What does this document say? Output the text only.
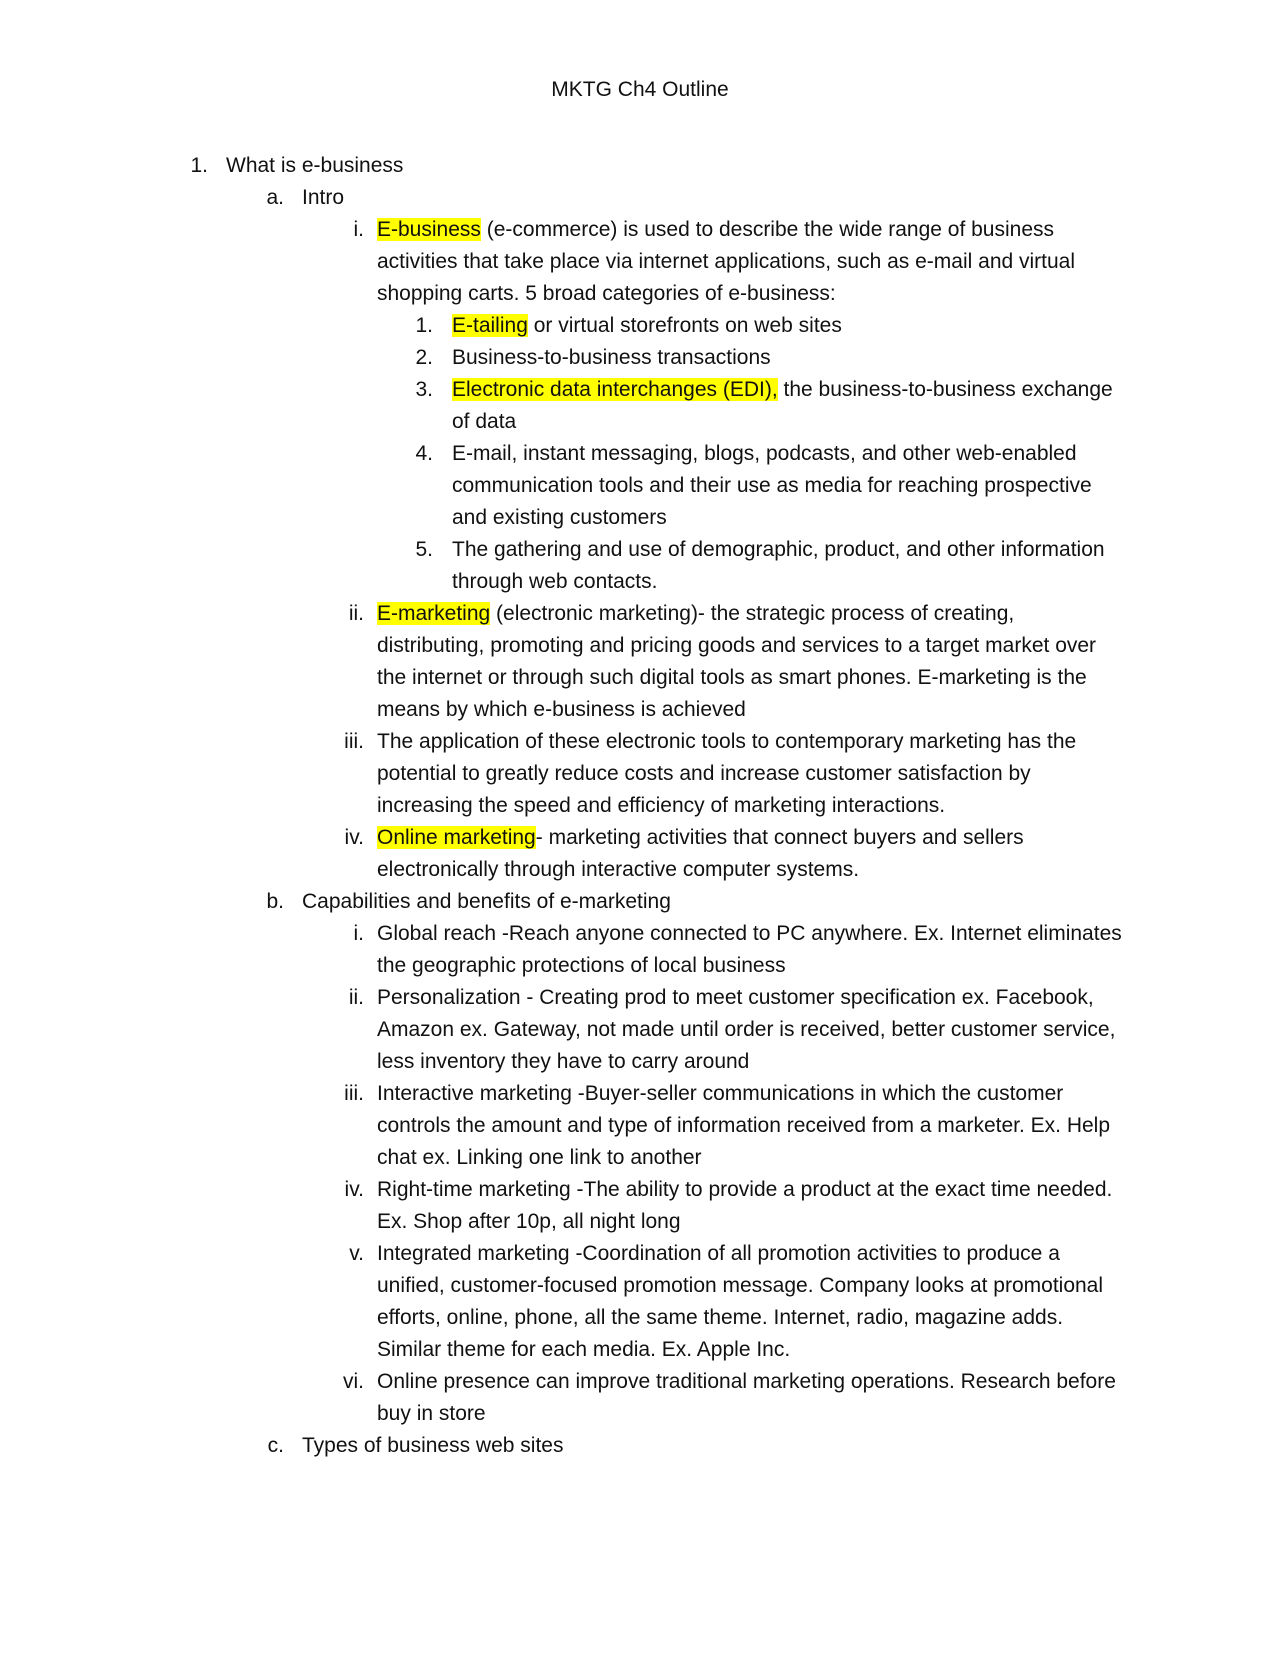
MKTG Ch4 Outline
1. What is e-business
a. Intro
i. E-business (e-commerce) is used to describe the wide range of business activities that take place via internet applications, such as e-mail and virtual shopping carts. 5 broad categories of e-business:
1. E-tailing or virtual storefronts on web sites
2. Business-to-business transactions
3. Electronic data interchanges (EDI), the business-to-business exchange of data
4. E-mail, instant messaging, blogs, podcasts, and other web-enabled communication tools and their use as media for reaching prospective and existing customers
5. The gathering and use of demographic, product, and other information through web contacts.
ii. E-marketing (electronic marketing)- the strategic process of creating, distributing, promoting and pricing goods and services to a target market over the internet or through such digital tools as smart phones. E-marketing is the means by which e-business is achieved
iii. The application of these electronic tools to contemporary marketing has the potential to greatly reduce costs and increase customer satisfaction by increasing the speed and efficiency of marketing interactions.
iv. Online marketing- marketing activities that connect buyers and sellers electronically through interactive computer systems.
b. Capabilities and benefits of e-marketing
i. Global reach -Reach anyone connected to PC anywhere. Ex. Internet eliminates the geographic protections of local business
ii. Personalization - Creating prod to meet customer specification ex. Facebook, Amazon ex. Gateway, not made until order is received, better customer service, less inventory they have to carry around
iii. Interactive marketing -Buyer-seller communications in which the customer controls the amount and type of information received from a marketer. Ex. Help chat ex. Linking one link to another
iv. Right-time marketing -The ability to provide a product at the exact time needed. Ex. Shop after 10p, all night long
v. Integrated marketing -Coordination of all promotion activities to produce a unified, customer-focused promotion message. Company looks at promotional efforts, online, phone, all the same theme. Internet, radio, magazine adds. Similar theme for each media. Ex. Apple Inc.
vi. Online presence can improve traditional marketing operations. Research before buy in store
c. Types of business web sites
